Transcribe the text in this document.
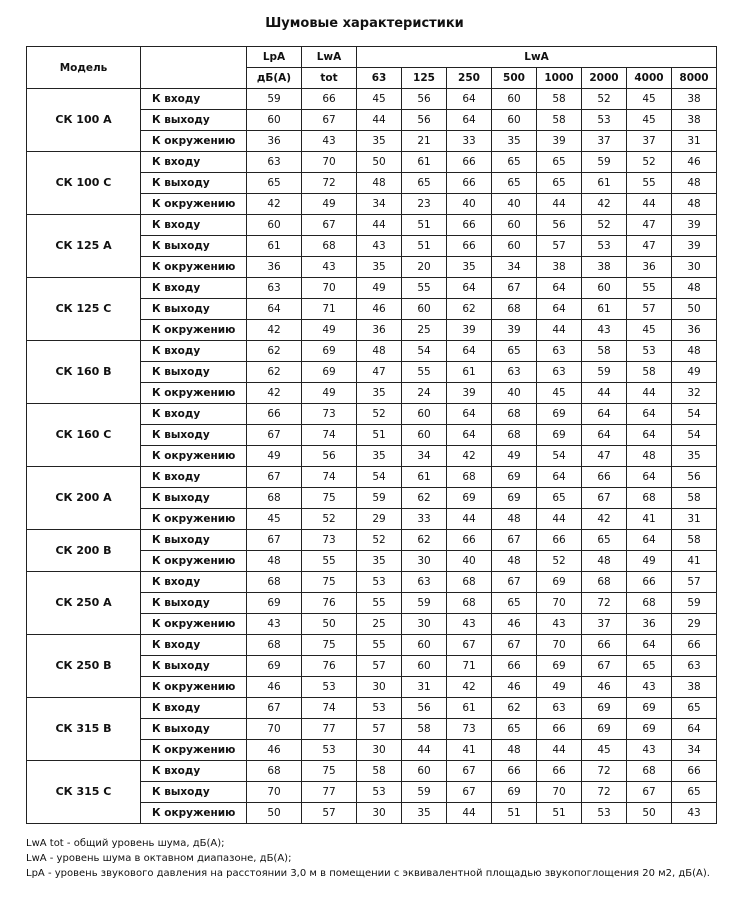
Шумовые характеристики
Модель		LpA	LwA	LwA							
		дБ(А)	tot	63	125	250	500	1000	2000	4000	8000
СК 100 А	К входу	59	66	45	56	64	60	58	52	45	38
	К выходу	60	67	44	56	64	60	58	53	45	38
	К окружению	36	43	35	21	33	35	39	37	37	31
СК 100 С	К входу	63	70	50	61	66	65	65	59	52	46
	К выходу	65	72	48	65	66	65	65	61	55	48
	К окружению	42	49	34	23	40	40	44	42	44	48
СК 125 А	К входу	60	67	44	51	66	60	56	52	47	39
	К выходу	61	68	43	51	66	60	57	53	47	39
	К окружению	36	43	35	20	35	34	38	38	36	30
СК 125 С	К входу	63	70	49	55	64	67	64	60	55	48
	К выходу	64	71	46	60	62	68	64	61	57	50
	К окружению	42	49	36	25	39	39	44	43	45	36
СК 160 В	К входу	62	69	48	54	64	65	63	58	53	48
	К выходу	62	69	47	55	61	63	63	59	58	49
	К окружению	42	49	35	24	39	40	45	44	44	32
СК 160 С	К входу	66	73	52	60	64	68	69	64	64	54
	К выходу	67	74	51	60	64	68	69	64	64	54
	К окружению	49	56	35	34	42	49	54	47	48	35
СК 200 А	К входу	67	74	54	61	68	69	64	66	64	56
	К выходу	68	75	59	62	69	69	65	67	68	58
	К окружению	45	52	29	33	44	48	44	42	41	31
СК 200 В	К выходу	67	73	52	62	66	67	66	65	64	58
	К окружению	48	55	35	30	40	48	52	48	49	41
СК 250 А	К входу	68	75	53	63	68	67	69	68	66	57
	К выходу	69	76	55	59	68	65	70	72	68	59
	К окружению	43	50	25	30	43	46	43	37	36	29
СК 250 В	К входу	68	75	55	60	67	67	70	66	64	66
	К выходу	69	76	57	60	71	66	69	67	65	63
	К окружению	46	53	30	31	42	46	49	46	43	38
СК 315 В	К входу	67	74	53	56	61	62	63	69	69	65
	К выходу	70	77	57	58	73	65	66	69	69	64
	К окружению	46	53	30	44	41	48	44	45	43	34
СК 315 С	К входу	68	75	58	60	67	66	66	72	68	66
	К выходу	70	77	53	59	67	69	70	72	67	65
	К окружению	50	57	30	35	44	51	51	53	50	43
LwA tot - общий уровень шума, дБ(А);
LwA - уровень шума в октавном диапазоне, дБ(А);
LpA - уровень звукового давления на расстоянии 3,0 м в помещении с эквивалентной площадью звукопоглощения 20 м2, дБ(А).
